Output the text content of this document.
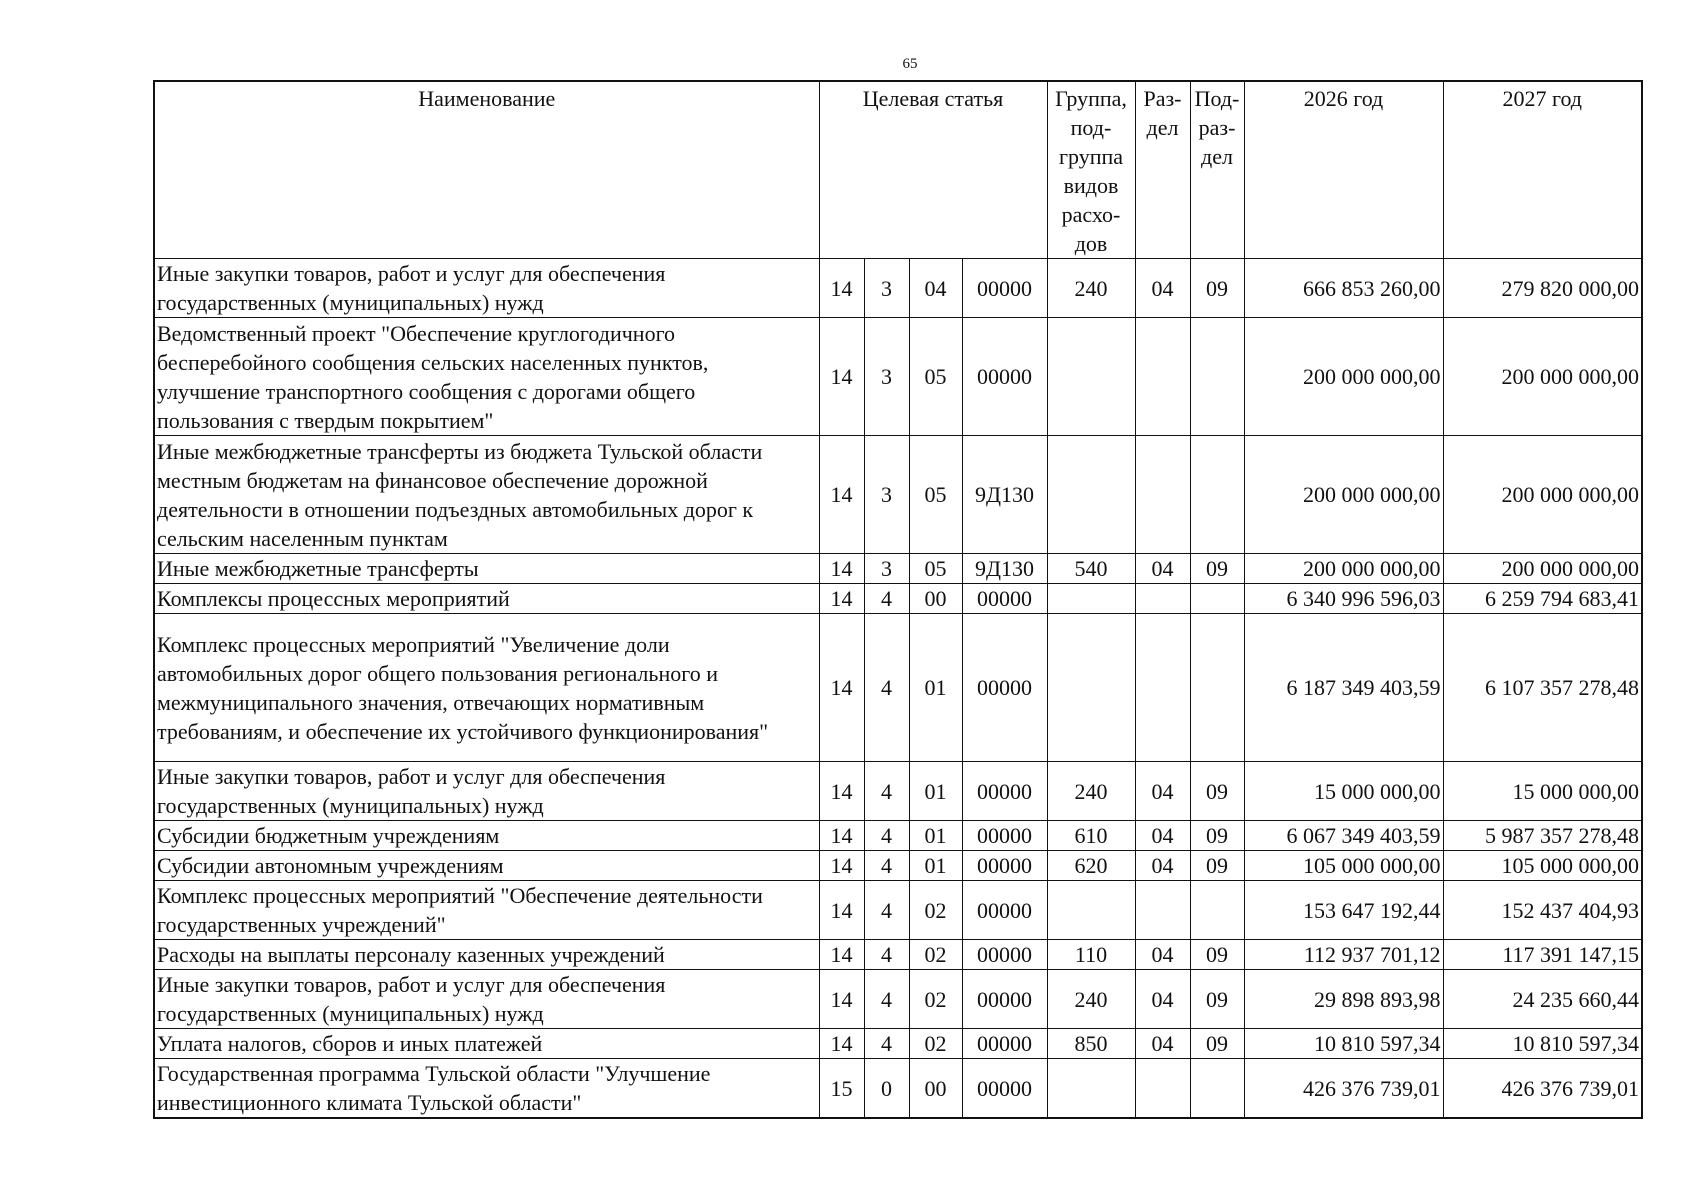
65
Наименование	Целевая статья				Группа, под-группа видов расхо-дов	Раз-дел	Под-раз-дел	2026 год	2027 год
Иные закупки товаров, работ и услуг для обеспечения государственных (муниципальных) нужд	14	3	04	00000	240	04	09	666 853 260,00	279 820 000,00
Ведомственный проект "Обеспечение круглогодичного бесперебойного сообщения сельских населенных пунктов, улучшение транспортного сообщения с дорогами общего пользования с твердым покрытием"	14	3	05	00000				200 000 000,00	200 000 000,00
Иные межбюджетные трансферты из бюджета Тульской области местным бюджетам на финансовое обеспечение дорожной деятельности в отношении подъездных автомобильных дорог к сельским населенным пунктам	14	3	05	9Д130				200 000 000,00	200 000 000,00
Иные межбюджетные трансферты	14	3	05	9Д130	540	04	09	200 000 000,00	200 000 000,00
Комплексы процессных мероприятий	14	4	00	00000				6 340 996 596,03	6 259 794 683,41
Комплекс процессных мероприятий "Увеличение доли автомобильных дорог общего пользования регионального и межмуниципального значения, отвечающих нормативным требованиям, и обеспечение их устойчивого функционирования"	14	4	01	00000				6 187 349 403,59	6 107 357 278,48
Иные закупки товаров, работ и услуг для обеспечения государственных (муниципальных) нужд	14	4	01	00000	240	04	09	15 000 000,00	15 000 000,00
Субсидии бюджетным учреждениям	14	4	01	00000	610	04	09	6 067 349 403,59	5 987 357 278,48
Субсидии автономным учреждениям	14	4	01	00000	620	04	09	105 000 000,00	105 000 000,00
Комплекс процессных мероприятий "Обеспечение деятельности государственных учреждений"	14	4	02	00000				153 647 192,44	152 437 404,93
Расходы на выплаты персоналу казенных учреждений	14	4	02	00000	110	04	09	112 937 701,12	117 391 147,15
Иные закупки товаров, работ и услуг для обеспечения государственных (муниципальных) нужд	14	4	02	00000	240	04	09	29 898 893,98	24 235 660,44
Уплата налогов, сборов и иных платежей	14	4	02	00000	850	04	09	10 810 597,34	10 810 597,34
Государственная программа Тульской области "Улучшение инвестиционного климата Тульской области"	15	0	00	00000				426 376 739,01	426 376 739,01
